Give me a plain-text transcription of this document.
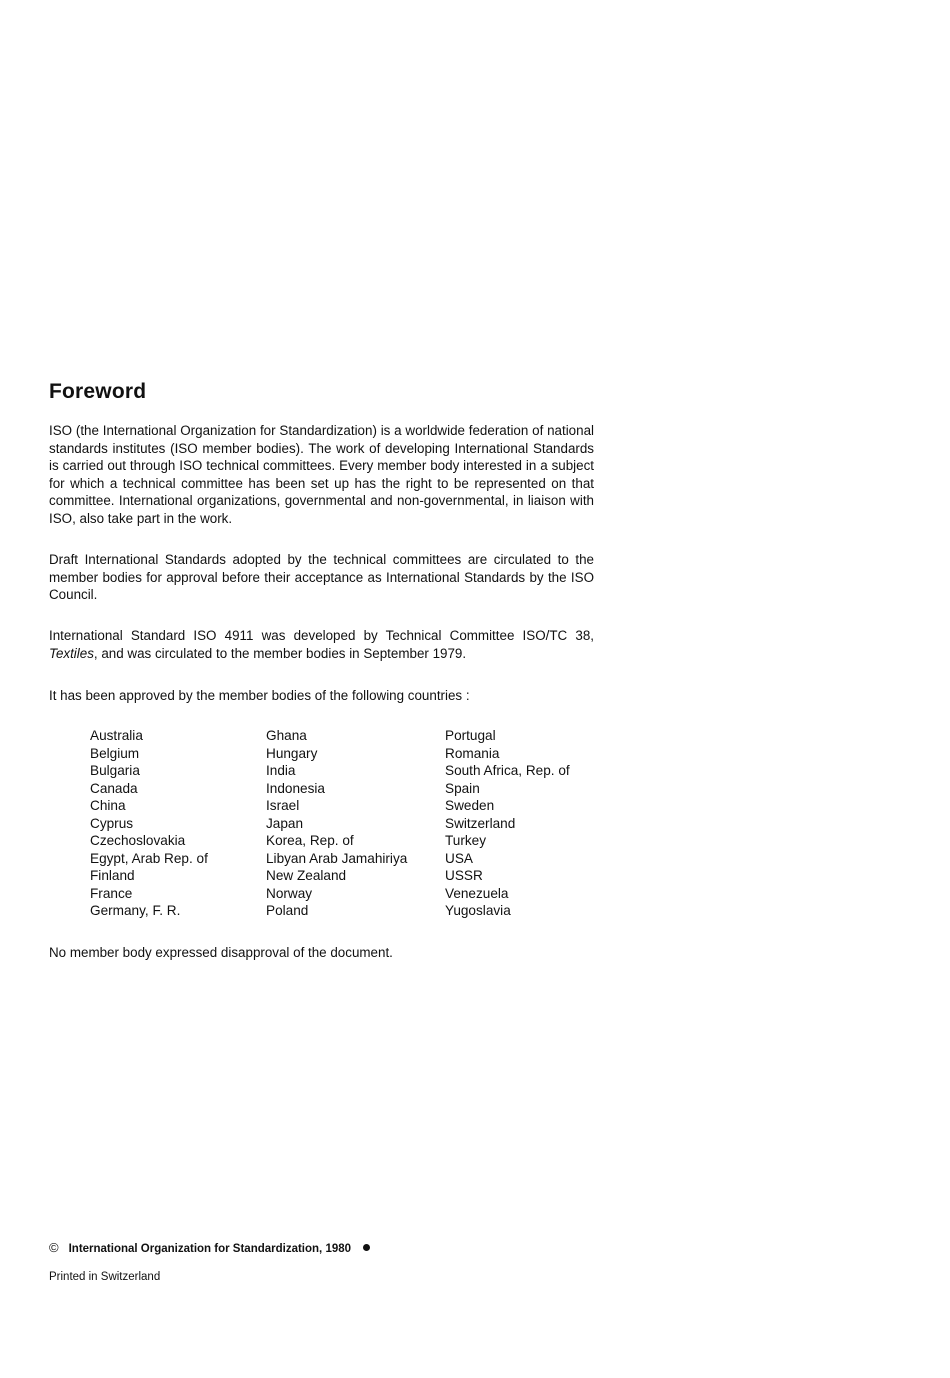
Foreword

ISO (the International Organization for Standardization) is a worldwide federation of national standards institutes (ISO member bodies). The work of developing International Standards is carried out through ISO technical committees. Every member body interested in a subject for which a technical committee has been set up has the right to be represented on that committee. International organizations, governmental and non-governmental, in liaison with ISO, also take part in the work.

Draft International Standards adopted by the technical committees are circulated to the member bodies for approval before their acceptance as International Standards by the ISO Council.

International Standard ISO 4911 was developed by Technical Committee ISO/TC 38, Textiles, and was circulated to the member bodies in September 1979.

It has been approved by the member bodies of the following countries :

Australia
Belgium
Bulgaria
Canada
China
Cyprus
Czechoslovakia
Egypt, Arab Rep. of
Finland
France
Germany, F. R.
Ghana
Hungary
India
Indonesia
Israel
Japan
Korea, Rep. of
Libyan Arab Jamahiriya
New Zealand
Norway
Poland
Portugal
Romania
South Africa, Rep. of
Spain
Sweden
Switzerland
Turkey
USA
USSR
Venezuela
Yugoslavia

No member body expressed disapproval of the document.

© International Organization for Standardization, 1980

Printed in Switzerland
